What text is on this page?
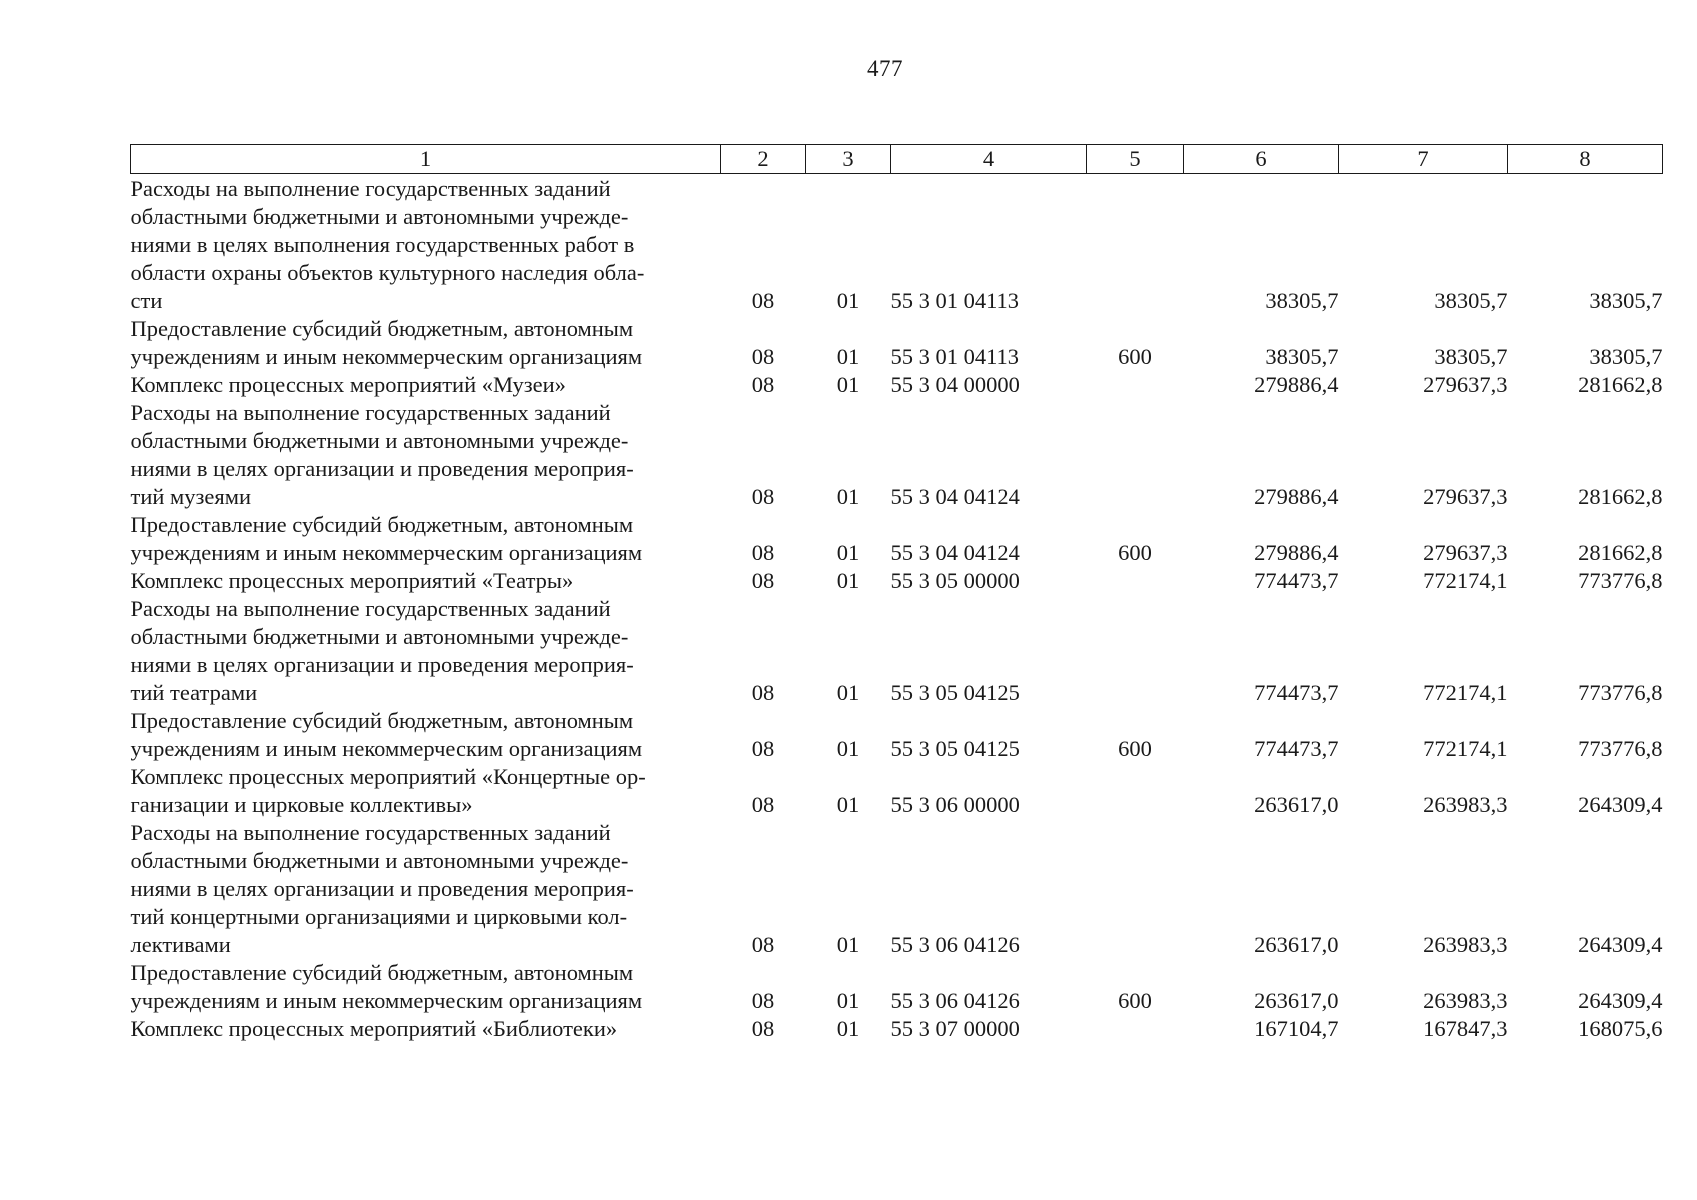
477
1	2	3	4	5	6	7	8
Расходы на выполнение государственных заданий
областными бюджетными и автономными учрежде-
ниями в целях выполнения государственных работ в
области охраны объектов культурного наследия обла-
сти	08	01	55 3 01 04113		38305,7	38305,7	38305,7
Предоставление субсидий бюджетным, автономным
учреждениям и иным некоммерческим организациям	08	01	55 3 01 04113	600	38305,7	38305,7	38305,7
Комплекс процессных мероприятий «Музеи»	08	01	55 3 04 00000		279886,4	279637,3	281662,8
Расходы на выполнение государственных заданий
областными бюджетными и автономными учрежде-
ниями в целях организации и проведения мероприя-
тий музеями	08	01	55 3 04 04124		279886,4	279637,3	281662,8
Предоставление субсидий бюджетным, автономным
учреждениям и иным некоммерческим организациям	08	01	55 3 04 04124	600	279886,4	279637,3	281662,8
Комплекс процессных мероприятий «Театры»	08	01	55 3 05 00000		774473,7	772174,1	773776,8
Расходы на выполнение государственных заданий
областными бюджетными и автономными учрежде-
ниями в целях организации и проведения мероприя-
тий театрами	08	01	55 3 05 04125		774473,7	772174,1	773776,8
Предоставление субсидий бюджетным, автономным
учреждениям и иным некоммерческим организациям	08	01	55 3 05 04125	600	774473,7	772174,1	773776,8
Комплекс процессных мероприятий «Концертные ор-
ганизации и цирковые коллективы»	08	01	55 3 06 00000		263617,0	263983,3	264309,4
Расходы на выполнение государственных заданий
областными бюджетными и автономными учрежде-
ниями в целях организации и проведения мероприя-
тий концертными организациями и цирковыми кол-
лективами	08	01	55 3 06 04126		263617,0	263983,3	264309,4
Предоставление субсидий бюджетным, автономным
учреждениям и иным некоммерческим организациям	08	01	55 3 06 04126	600	263617,0	263983,3	264309,4
Комплекс процессных мероприятий «Библиотеки»	08	01	55 3 07 00000		167104,7	167847,3	168075,6
